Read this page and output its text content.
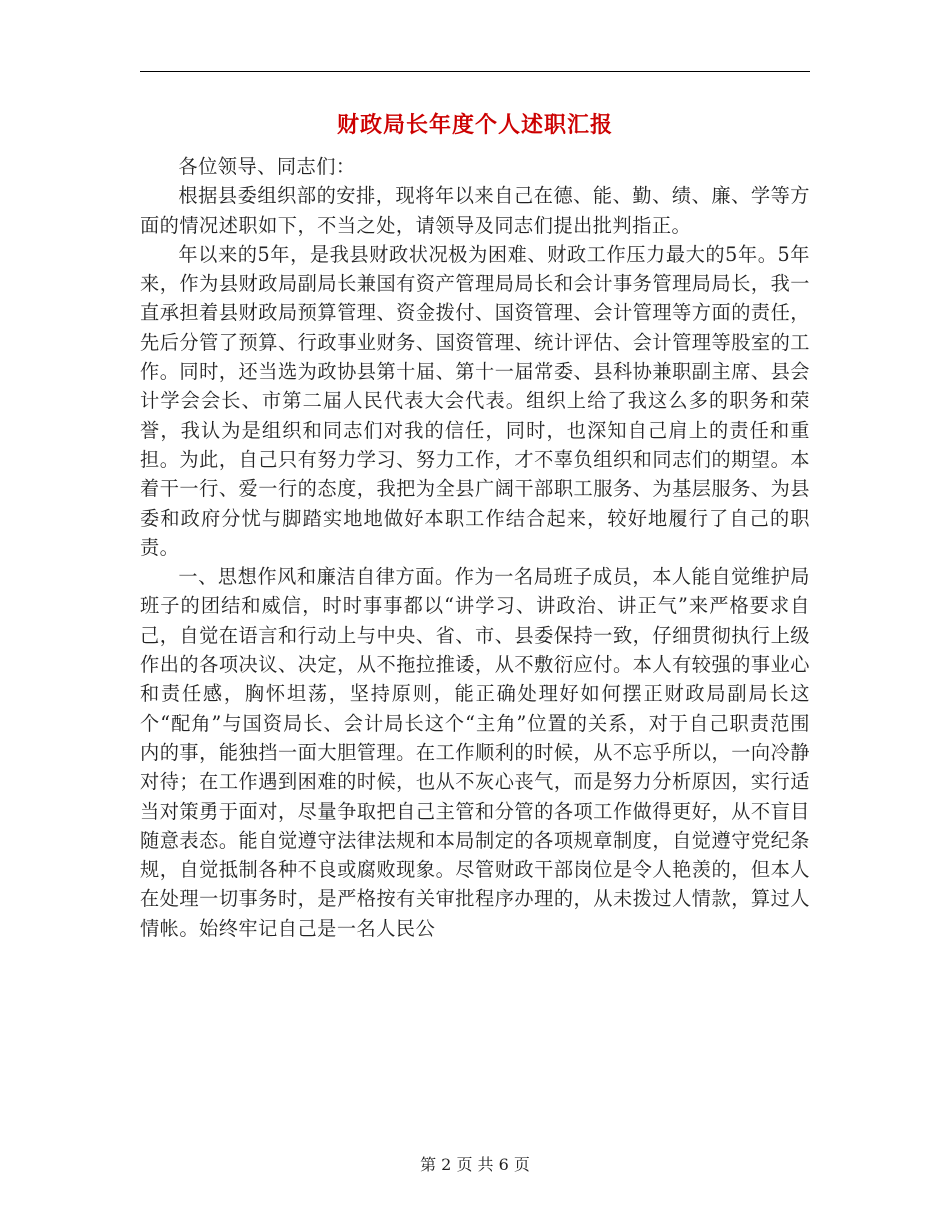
财政局长年度个人述职汇报

各位领导、同志们：

根据县委组织部的安排，现将年以来自己在德、能、勤、绩、廉、学等方面的情况述职如下，不当之处，请领导及同志们提出批判指正。

年以来的5年，是我县财政状况极为困难、财政工作压力最大的5年。5年来，作为县财政局副局长兼国有资产管理局局长和会计事务管理局局长，我一直承担着县财政局预算管理、资金拨付、国资管理、会计管理等方面的责任，先后分管了预算、行政事业财务、国资管理、统计评估、会计管理等股室的工作。同时，还当选为政协县第十届、第十一届常委、县科协兼职副主席、县会计学会会长、市第二届人民代表大会代表。组织上给了我这么多的职务和荣誉，我认为是组织和同志们对我的信任，同时，也深知自己肩上的责任和重担。为此，自己只有努力学习、努力工作，才不辜负组织和同志们的期望。本着干一行、爱一行的态度，我把为全县广阔干部职工服务、为基层服务、为县委和政府分忧与脚踏实地地做好本职工作结合起来，较好地履行了自己的职责。

一、思想作风和廉洁自律方面。作为一名局班子成员，本人能自觉维护局班子的团结和威信，时时事事都以“讲学习、讲政治、讲正气”来严格要求自己，自觉在语言和行动上与中央、省、市、县委保持一致，仔细贯彻执行上级作出的各项决议、决定，从不拖拉推诿，从不敷衍应付。本人有较强的事业心和责任感，胸怀坦荡，坚持原则，能正确处理好如何摆正财政局副局长这个“配角”与国资局长、会计局长这个“主角”位置的关系，对于自己职责范围内的事，能独挡一面大胆管理。在工作顺利的时候，从不忘乎所以，一向冷静对待；在工作遇到困难的时候，也从不灰心丧气，而是努力分析原因，实行适当对策勇于面对，尽量争取把自己主管和分管的各项工作做得更好，从不盲目随意表态。能自觉遵守法律法规和本局制定的各项规章制度，自觉遵守党纪条规，自觉抵制各种不良或腐败现象。尽管财政干部岗位是令人艳羡的，但本人在处理一切事务时，是严格按有关审批程序办理的，从未拨过人情款，算过人情帐。始终牢记自己是一名人民公

第 2 页 共 6 页
